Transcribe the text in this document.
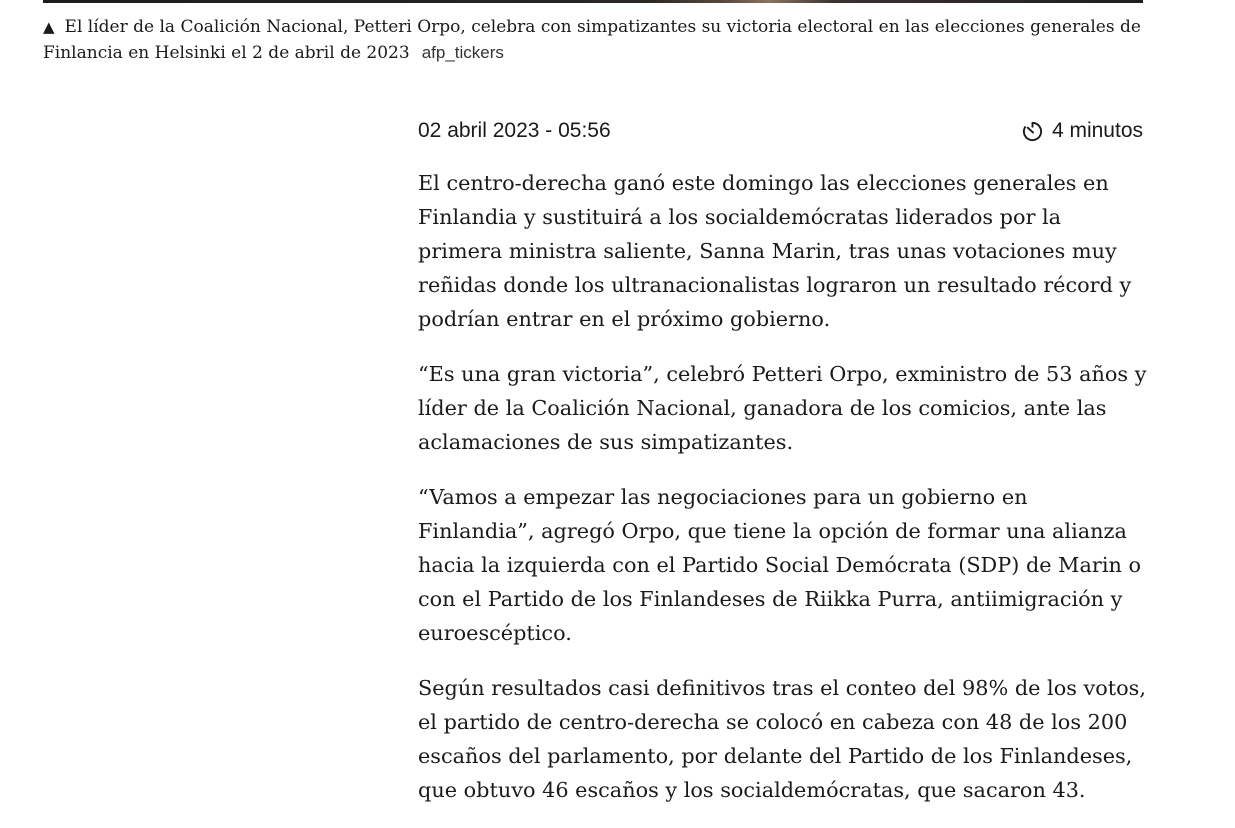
▲ El líder de la Coalición Nacional, Petteri Orpo, celebra con simpatizantes su victoria electoral en las elecciones generales de Finlancia en Helsinki el 2 de abril de 2023 afp_tickers
02 abril 2023 - 05:56	4 minutos

El centro-derecha ganó este domingo las elecciones generales en Finlandia y sustituirá a los socialdemócratas liderados por la primera ministra saliente, Sanna Marin, tras unas votaciones muy reñidas donde los ultranacionalistas lograron un resultado récord y podrían entrar en el próximo gobierno.

“Es una gran victoria”, celebró Petteri Orpo, exministro de 53 años y líder de la Coalición Nacional, ganadora de los comicios, ante las aclamaciones de sus simpatizantes.

“Vamos a empezar las negociaciones para un gobierno en Finlandia”, agregó Orpo, que tiene la opción de formar una alianza hacia la izquierda con el Partido Social Demócrata (SDP) de Marin o con el Partido de los Finlandeses de Riikka Purra, antiimigración y euroescéptico.

Según resultados casi definitivos tras el conteo del 98% de los votos, el partido de centro-derecha se colocó en cabeza con 48 de los 200 escaños del parlamento, por delante del Partido de los Finlandeses, que obtuvo 46 escaños y los socialdemócratas, que sacaron 43.
